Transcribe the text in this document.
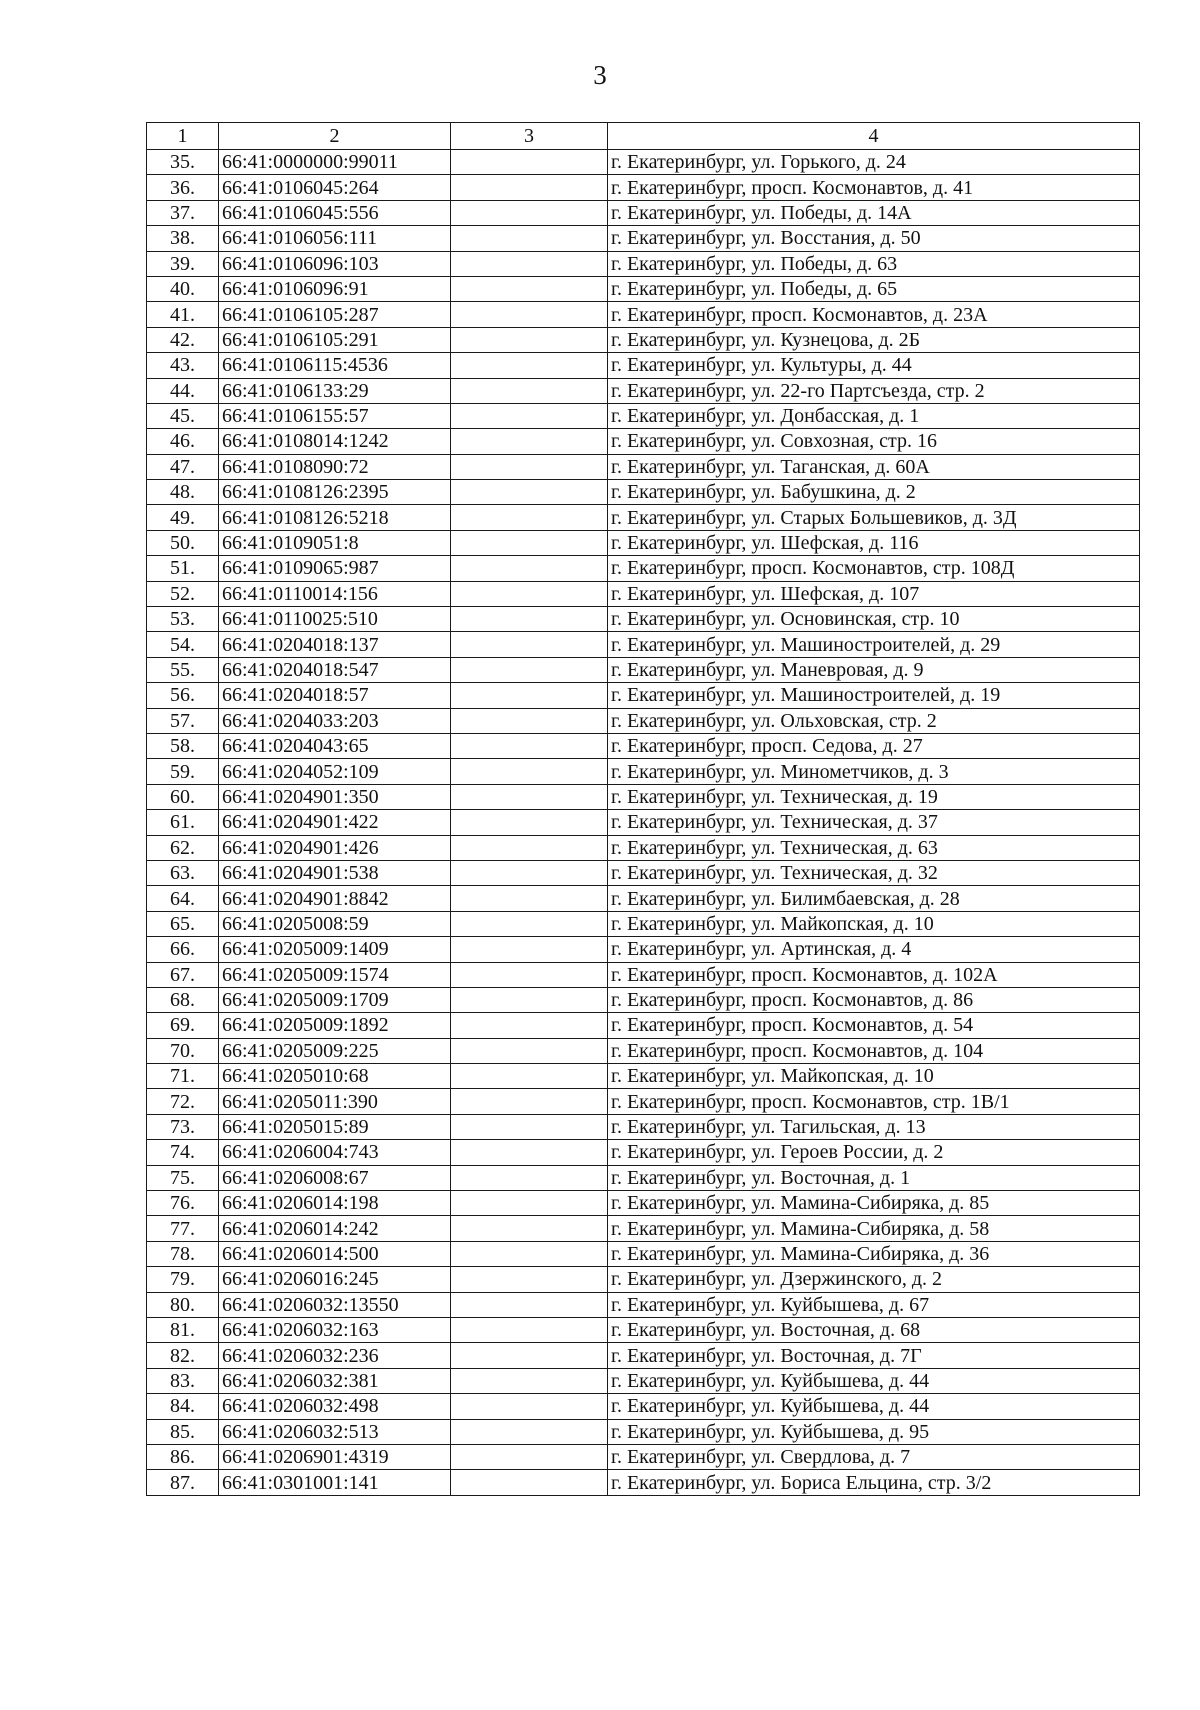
3
1	2	3	4
35.	66:41:0000000:99011		г. Екатеринбург, ул. Горького, д. 24
36.	66:41:0106045:264		г. Екатеринбург, просп. Космонавтов, д. 41
37.	66:41:0106045:556		г. Екатеринбург, ул. Победы, д. 14А
38.	66:41:0106056:111		г. Екатеринбург, ул. Восстания, д. 50
39.	66:41:0106096:103		г. Екатеринбург, ул. Победы, д. 63
40.	66:41:0106096:91		г. Екатеринбург, ул. Победы, д. 65
41.	66:41:0106105:287		г. Екатеринбург, просп. Космонавтов, д. 23А
42.	66:41:0106105:291		г. Екатеринбург, ул. Кузнецова, д. 2Б
43.	66:41:0106115:4536		г. Екатеринбург, ул. Культуры, д. 44
44.	66:41:0106133:29		г. Екатеринбург, ул. 22-го Партсъезда, стр. 2
45.	66:41:0106155:57		г. Екатеринбург, ул. Донбасская, д. 1
46.	66:41:0108014:1242		г. Екатеринбург, ул. Совхозная, стр. 16
47.	66:41:0108090:72		г. Екатеринбург, ул. Таганская, д. 60А
48.	66:41:0108126:2395		г. Екатеринбург, ул. Бабушкина, д. 2
49.	66:41:0108126:5218		г. Екатеринбург, ул. Старых Большевиков, д. 3Д
50.	66:41:0109051:8		г. Екатеринбург, ул. Шефская, д. 116
51.	66:41:0109065:987		г. Екатеринбург, просп. Космонавтов, стр. 108Д
52.	66:41:0110014:156		г. Екатеринбург, ул. Шефская, д. 107
53.	66:41:0110025:510		г. Екатеринбург, ул. Основинская, стр. 10
54.	66:41:0204018:137		г. Екатеринбург, ул. Машиностроителей, д. 29
55.	66:41:0204018:547		г. Екатеринбург, ул. Маневровая, д. 9
56.	66:41:0204018:57		г. Екатеринбург, ул. Машиностроителей, д. 19
57.	66:41:0204033:203		г. Екатеринбург, ул. Ольховская, стр. 2
58.	66:41:0204043:65		г. Екатеринбург, просп. Седова, д. 27
59.	66:41:0204052:109		г. Екатеринбург, ул. Минометчиков, д. 3
60.	66:41:0204901:350		г. Екатеринбург, ул. Техническая, д. 19
61.	66:41:0204901:422		г. Екатеринбург, ул. Техническая, д. 37
62.	66:41:0204901:426		г. Екатеринбург, ул. Техническая, д. 63
63.	66:41:0204901:538		г. Екатеринбург, ул. Техническая, д. 32
64.	66:41:0204901:8842		г. Екатеринбург, ул. Билимбаевская, д. 28
65.	66:41:0205008:59		г. Екатеринбург, ул. Майкопская, д. 10
66.	66:41:0205009:1409		г. Екатеринбург, ул. Артинская, д. 4
67.	66:41:0205009:1574		г. Екатеринбург, просп. Космонавтов, д. 102А
68.	66:41:0205009:1709		г. Екатеринбург, просп. Космонавтов, д. 86
69.	66:41:0205009:1892		г. Екатеринбург, просп. Космонавтов, д. 54
70.	66:41:0205009:225		г. Екатеринбург, просп. Космонавтов, д. 104
71.	66:41:0205010:68		г. Екатеринбург, ул. Майкопская, д. 10
72.	66:41:0205011:390		г. Екатеринбург, просп. Космонавтов, стр. 1В/1
73.	66:41:0205015:89		г. Екатеринбург, ул. Тагильская, д. 13
74.	66:41:0206004:743		г. Екатеринбург, ул. Героев России, д. 2
75.	66:41:0206008:67		г. Екатеринбург, ул. Восточная, д. 1
76.	66:41:0206014:198		г. Екатеринбург, ул. Мамина-Сибиряка, д. 85
77.	66:41:0206014:242		г. Екатеринбург, ул. Мамина-Сибиряка, д. 58
78.	66:41:0206014:500		г. Екатеринбург, ул. Мамина-Сибиряка, д. 36
79.	66:41:0206016:245		г. Екатеринбург, ул. Дзержинского, д. 2
80.	66:41:0206032:13550		г. Екатеринбург, ул. Куйбышева, д. 67
81.	66:41:0206032:163		г. Екатеринбург, ул. Восточная, д. 68
82.	66:41:0206032:236		г. Екатеринбург, ул. Восточная, д. 7Г
83.	66:41:0206032:381		г. Екатеринбург, ул. Куйбышева, д. 44
84.	66:41:0206032:498		г. Екатеринбург, ул. Куйбышева, д. 44
85.	66:41:0206032:513		г. Екатеринбург, ул. Куйбышева, д. 95
86.	66:41:0206901:4319		г. Екатеринбург, ул. Свердлова, д. 7
87.	66:41:0301001:141		г. Екатеринбург, ул. Бориса Ельцина, стр. 3/2
